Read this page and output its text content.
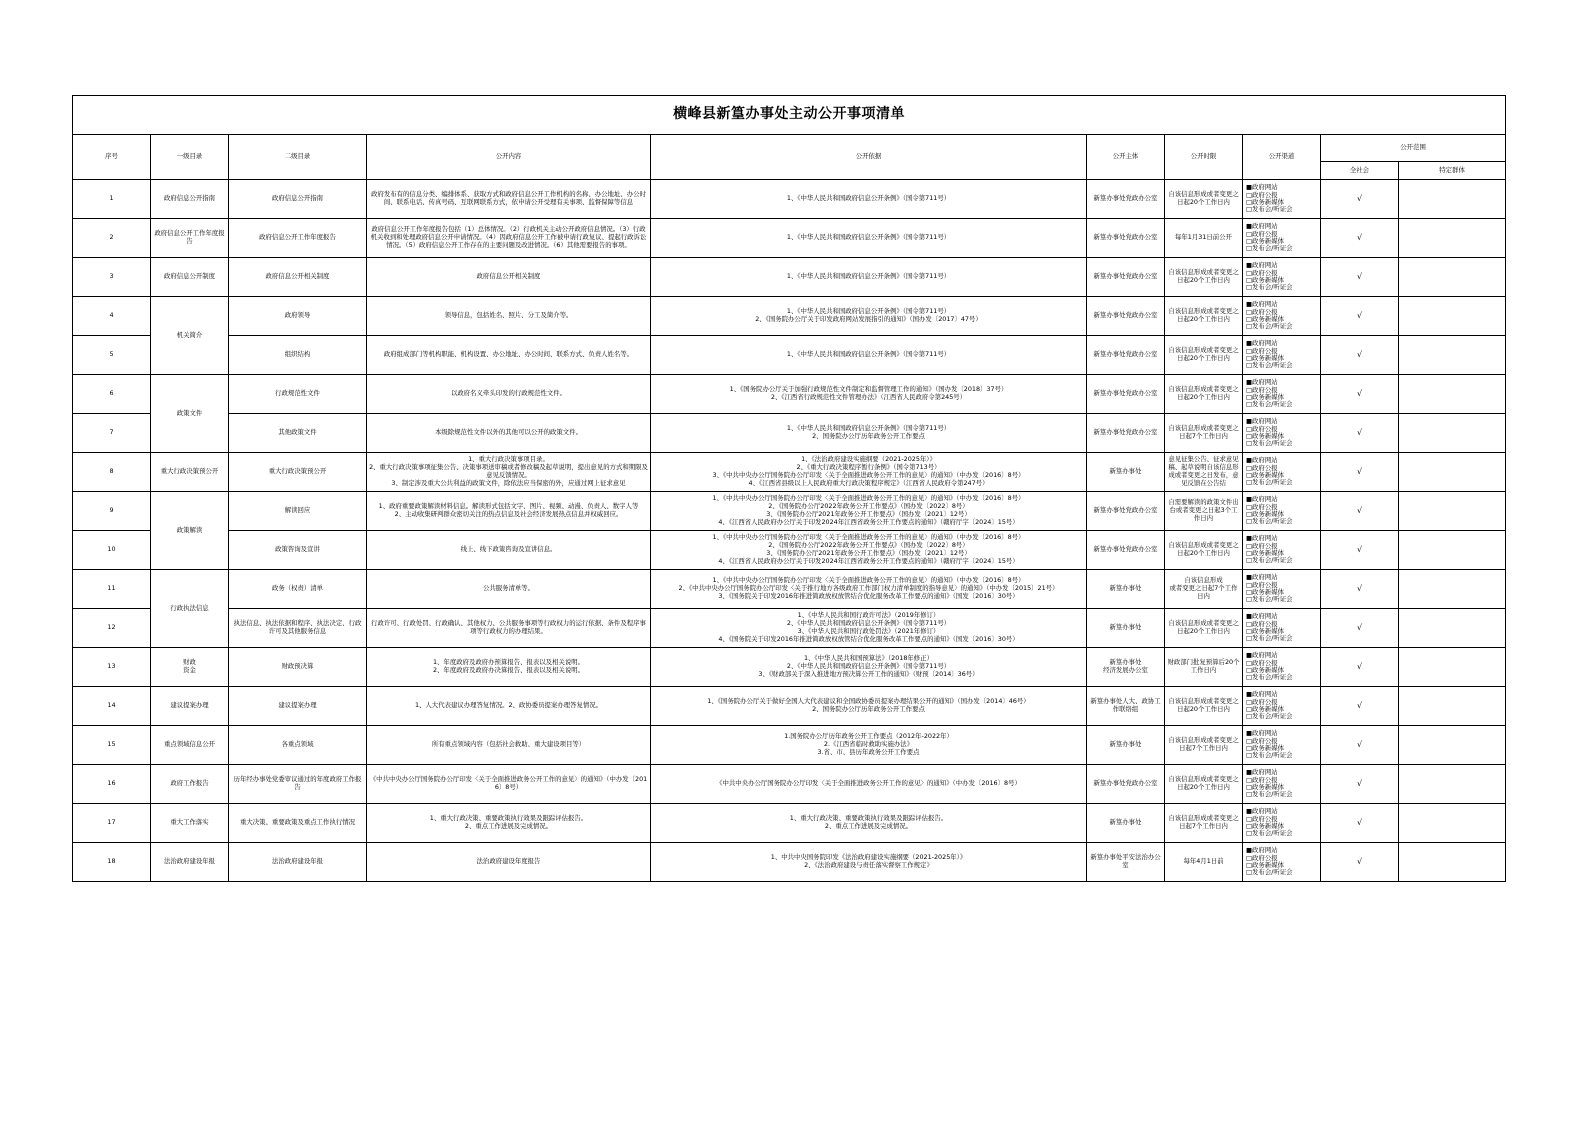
横峰县新篁办事处主动公开事项清单									
序号	一级目录	二级目录	公开内容	公开依据	公开主体	公开时限	公开渠道	公开范围	
								全社会	特定群体
1	政府信息公开指南	政府信息公开指南	政府发布有的信息分类、编排体系、获取方式和政府信息公开工作机构的名称、办公地址、办公时间、联系电话、传真号码、互联网联系方式，依申请公开受理有关事项、监督保障等信息	1、《中华人民共和国政府信息公开条例》（国令第711号）	新篁办事处党政办公室	自该信息形成或者变更之日起20个工作日内	■政府网站
□政府公报
□政务新媒体
□发布会/听证会	√	
2	政府信息公开工作年度报告	政府信息公开工作年度报告	政府信息公开工作年度报告包括（1）总体情况。（2）行政机关主动公开政府信息情况。（3）行政机关收到和处理政府信息公开申请情况。（4）因政府信息公开工作被申请行政复议、提起行政诉讼情况。（5）政府信息公开工作存在的主要问题及改进情况。（6）其他需要报告的事项。	1、《中华人民共和国政府信息公开条例》（国令第711号）	新篁办事处党政办公室	每年1月31日前公开	■政府网站
□政府公报
□政务新媒体
□发布会/听证会	√	
3	政府信息公开制度	政府信息公开相关制度	政府信息公开相关制度	1、《中华人民共和国政府信息公开条例》（国令第711号）	新篁办事处党政办公室	自该信息形成或者变更之日起20个工作日内	■政府网站
□政府公报
□政务新媒体
□发布会/听证会	√	
4	机关简介	政府领导	领导信息，包括姓名、照片、分工及简介等。	1、《中华人民共和国政府信息公开条例》（国令第711号）
2、《国务院办公厅关于印发政府网站发展指引的通知》（国办发〔2017〕47号）	新篁办事处党政办公室	自该信息形成或者变更之日起20个工作日内	■政府网站
□政府公报
□政务新媒体
□发布会/听证会	√	
5		组织结构	政府组成部门等机构职能、机构设置、办公地址、办公时间、联系方式、负责人姓名等。	1、《中华人民共和国政府信息公开条例》（国令第711号）	新篁办事处党政办公室	自该信息形成或者变更之日起20个工作日内	■政府网站
□政府公报
□政务新媒体
□发布会/听证会	√	
6	政策文件	行政规范性文件	以政府名义牵头印发的行政规范性文件。	1、《国务院办公厅关于加强行政规范性文件制定和监督管理工作的通知》（国办发〔2018〕37号）
2、《江西省行政规范性文件管理办法》（江西省人民政府令第245号）	新篁办事处党政办公室	自该信息形成或者变更之日起20个工作日内	■政府网站
□政府公报
□政务新媒体
□发布会/听证会	√	
7		其他政策文件	本级除规范性文件以外的其他可以公开的政策文件。	1、《中华人民共和国政府信息公开条例》（国令第711号）
2、国务院办公厅历年政务公开工作要点	新篁办事处党政办公室	自该信息形成或者变更之日起7个工作日内	■政府网站
□政府公报
□政务新媒体
□发布会/听证会	√	
8	重大行政决策预公开	重大行政决策预公开	1、重大行政决策事项目录。
2、重大行政决策事项征集公告、决策事项送审稿或者修改稿及起草说明，提出意见的方式和期限及意见反馈情况。
3、制定涉及重大公共利益的政策文件，除依法应当保密的外，应通过网上征求意见	1、《法治政府建设实施纲要（2021-2025年）》
2、《重大行政决策程序暂行条例》（国令第713号）
3、《中共中央办公厅国务院办公厅印发〈关于全面推进政务公开工作的意见〉的通知》（中办发〔2016〕8号）
4、《江西省县级以上人民政府重大行政决策程序规定》（江西省人民政府令第247号）	新篁办事处	意见征集公告、征求意见稿、起草说明自该信息形成或者变更之日发布，意见反馈在公告结	■政府网站
□政府公报
□政务新媒体
□发布会/听证会	√	
9	政策解读	解读回应	1、政府重要政策解读材料信息。解读形式包括文字、图片、视频、动漫、负责人、数字人等
2、主动收集研判群众密切关注的热点信息及社会经济发展热点信息并权威回应。	1、《中共中央办公厅国务院办公厅印发〈关于全面推进政务公开工作的意见〉的通知》（中办发〔2016〕8号）
2、《国务院办公厅2022年政务公开工作要点》（国办发〔2022〕8号）
3、《国务院办公厅2021年政务公开工作要点》（国办发〔2021〕12号）
4、《江西省人民政府办公厅关于印发2024年江西省政务公开工作要点的通知》（赣府厅字〔2024〕15号）	新篁办事处党政办公室	自需要解读的政策文件出台或者变更之日起3个工作日内	■政府网站
□政府公报
□政务新媒体
□发布会/听证会	√	
10		政策咨询及宣讲	线上、线下政策咨询及宣讲信息。	1、《中共中央办公厅国务院办公厅印发〈关于全面推进政务公开工作的意见〉的通知》（中办发〔2016〕8号）
2、《国务院办公厅2022年政务公开工作要点》（国办发〔2022〕8号）
3、《国务院办公厅2021年政务公开工作要点》（国办发〔2021〕12号）
4、《江西省人民政府办公厅关于印发2024年江西省政务公开工作要点的通知》（赣府厅字〔2024〕15号）	新篁办事处党政办公室	自该信息形成或者变更之日起20个工作日内	■政府网站
□政府公报
□政务新媒体
□发布会/听证会	√	
11	行政执法信息	政务（权责）清单	公共服务清单等。	1、《中共中央办公厅国务院办公厅印发〈关于全面推进政务公开工作的意见〉的通知》（中办发〔2016〕8号）
2、《中共中央办公厅国务院办公厅印发〈关于推行地方各级政府工作部门权力清单制度的指导意见〉的通知》（中办发〔2015〕21号）
3、《国务院关于印发2016年推进简政放权放管结合优化服务改革工作要点的通知》（国发〔2016〕30号）	新篁办事处	自该信息形成
或者变更之日起7个工作日内	■政府网站
□政府公报
□政务新媒体
□发布会/听证会	√	
12		执法信息、执法依据和程序、执法决定、行政许可及其他服务信息	行政许可、行政处罚、行政确认、其他权力、公共服务事项等行政权力的运行依据、条件及程序事项等行政权力的办理结果。	1、《中华人民共和国行政许可法》（2019年修订）
2、《中华人民共和国政府信息公开条例》（国令第711号）
3、《中华人民共和国行政处罚法》（2021年修订）
4、《国务院关于印发2016年推进简政放权放管结合优化服务改革工作要点的通知》（国发〔2016〕30号）	新篁办事处	自该信息形成或者变更之日起20个工作日内	■政府网站
□政府公报
□政务新媒体
□发布会/听证会	√	
13	财政
资金	财政预决算	1、年度政府及政府办预算报告、报表以及相关说明。
2、年度政府及政府办决算报告、报表以及相关说明。	1、《中华人民共和国预算法》（2018年修正）
2、《中华人民共和国政府信息公开条例》（国令第711号）
3、《财政部关于深入推进地方预决算公开工作的通知》（财预〔2014〕36号）	新篁办事处
经济发展办公室	财政部门批复预算后20个工作日内	■政府网站
□政府公报
□政务新媒体
□发布会/听证会	√	
14	建议提案办理	建议提案办理	1、人大代表建议办理答复情况。2、政协委员提案办理答复情况。	1、《国务院办公厅关于做好全国人大代表建议和全国政协委员提案办理结果公开的通知》（国办发〔2014〕46号）
2、国务院办公厅历年政务公开工作要点	新篁办事处人大、政协工作联络组	自该信息形成或者变更之日起20个工作日内	■政府网站
□政府公报
□政务新媒体
□发布会/听证会	√	
15	重点领域信息公开	各重点领域	所有重点领域内容（包括社会救助、重大建设项目等）	1.国务院办公厅历年政务公开工作要点（2012年-2022年）
2.《江西省临时救助实施办法》
3.省、市、县历年政务公开工作要点	新篁办事处	自该信息形成或者变更之日起7个工作日内	■政府网站
□政府公报
□政务新媒体
□发布会/听证会	√	
16	政府工作报告	历年经办事处党委审议通过的年度政府工作报告	《中共中央办公厅国务院办公厅印发〈关于全面推进政务公开工作的意见〉的通知》（中办发〔2016〕8号）	《中共中央办公厅国务院办公厅印发〈关于全面推进政务公开工作的意见〉的通知》（中办发〔2016〕8号）	新篁办事处党政办公室	自该信息形成或者变更之日起20个工作日内	■政府网站
□政府公报
□政务新媒体
□发布会/听证会	√	
17	重大工作落实	重大决策、重要政策及重点工作执行情况	1、重大行政决策、重要政策执行效果及跟踪评估报告。
2、重点工作进展及完成情况。	1、重大行政决策、重要政策执行效果及跟踪评估报告。
2、重点工作进展及完成情况。	新篁办事处	自该信息形成或者变更之日起7个工作日内	■政府网站
□政府公报
□政务新媒体
□发布会/听证会	√	
18	法治政府建设年报	法治政府建设年报	法治政府建设年度报告	1、中共中央国务院印发《法治政府建设实施纲要（2021-2025年）》
2、《法治政府建设与责任落实督察工作规定》	新篁办事处平安法治办公室	每年4月1日前	■政府网站
□政府公报
□政务新媒体
□发布会/听证会	√	
